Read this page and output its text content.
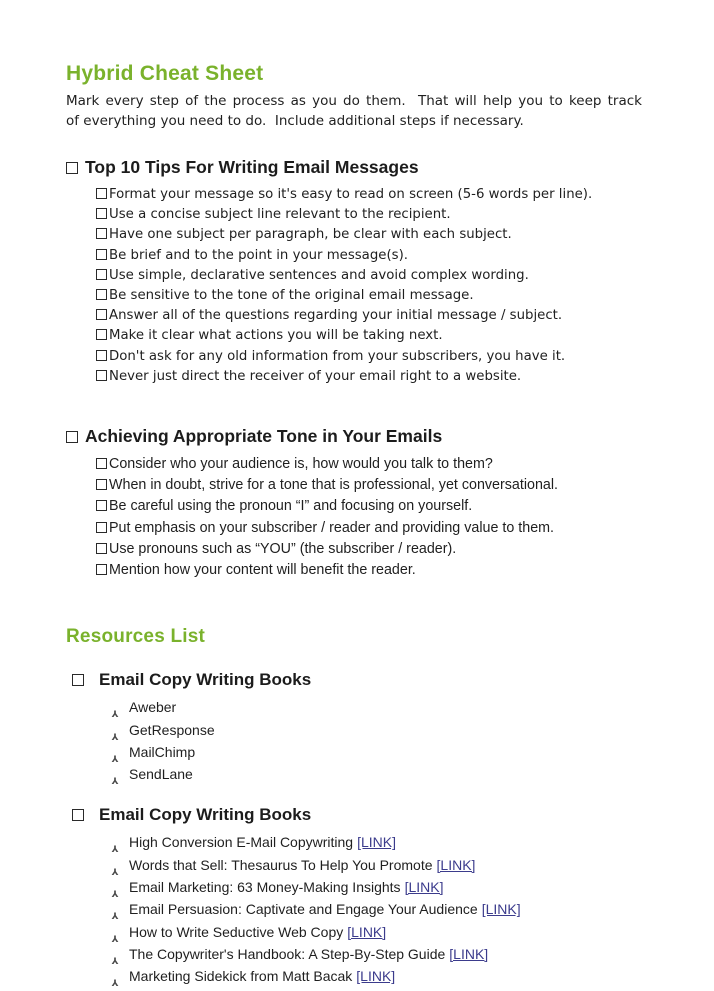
Hybrid Cheat Sheet

Mark every step of the process as you do them.  That will help you to keep track
of everything you need to do.  Include additional steps if necessary.

Top 10 Tips For Writing Email Messages
Format your message so it's easy to read on screen (5-6 words per line).
Use a concise subject line relevant to the recipient.
Have one subject per paragraph, be clear with each subject.
Be brief and to the point in your message(s).
Use simple, declarative sentences and avoid complex wording.
Be sensitive to the tone of the original email message.
Answer all of the questions regarding your initial message / subject.
Make it clear what actions you will be taking next.
Don't ask for any old information from your subscribers, you have it.
Never just direct the receiver of your email right to a website.
Achieving Appropriate Tone in Your Emails
Consider who your audience is, how would you talk to them?
When in doubt, strive for a tone that is professional, yet conversational.
Be careful using the pronoun “I” and focusing on yourself.
Put emphasis on your subscriber / reader and providing value to them.
Use pronouns such as “YOU” (the subscriber / reader).
Mention how your content will benefit the reader.
Resources List
Email Copy Writing Books
Y Aweber
Y GetResponse
Y MailChimp
Y SendLane
Email Copy Writing Books
Y High Conversion E-Mail Copywriting [LINK]
Y Words that Sell: Thesaurus To Help You Promote [LINK]
Y Email Marketing: 63 Money-Making Insights [LINK]
Y Email Persuasion: Captivate and Engage Your Audience [LINK]
Y How to Write Seductive Web Copy [LINK]
Y The Copywriter's Handbook: A Step-By-Step Guide [LINK]
Y Marketing Sidekick from Matt Bacak [LINK]
